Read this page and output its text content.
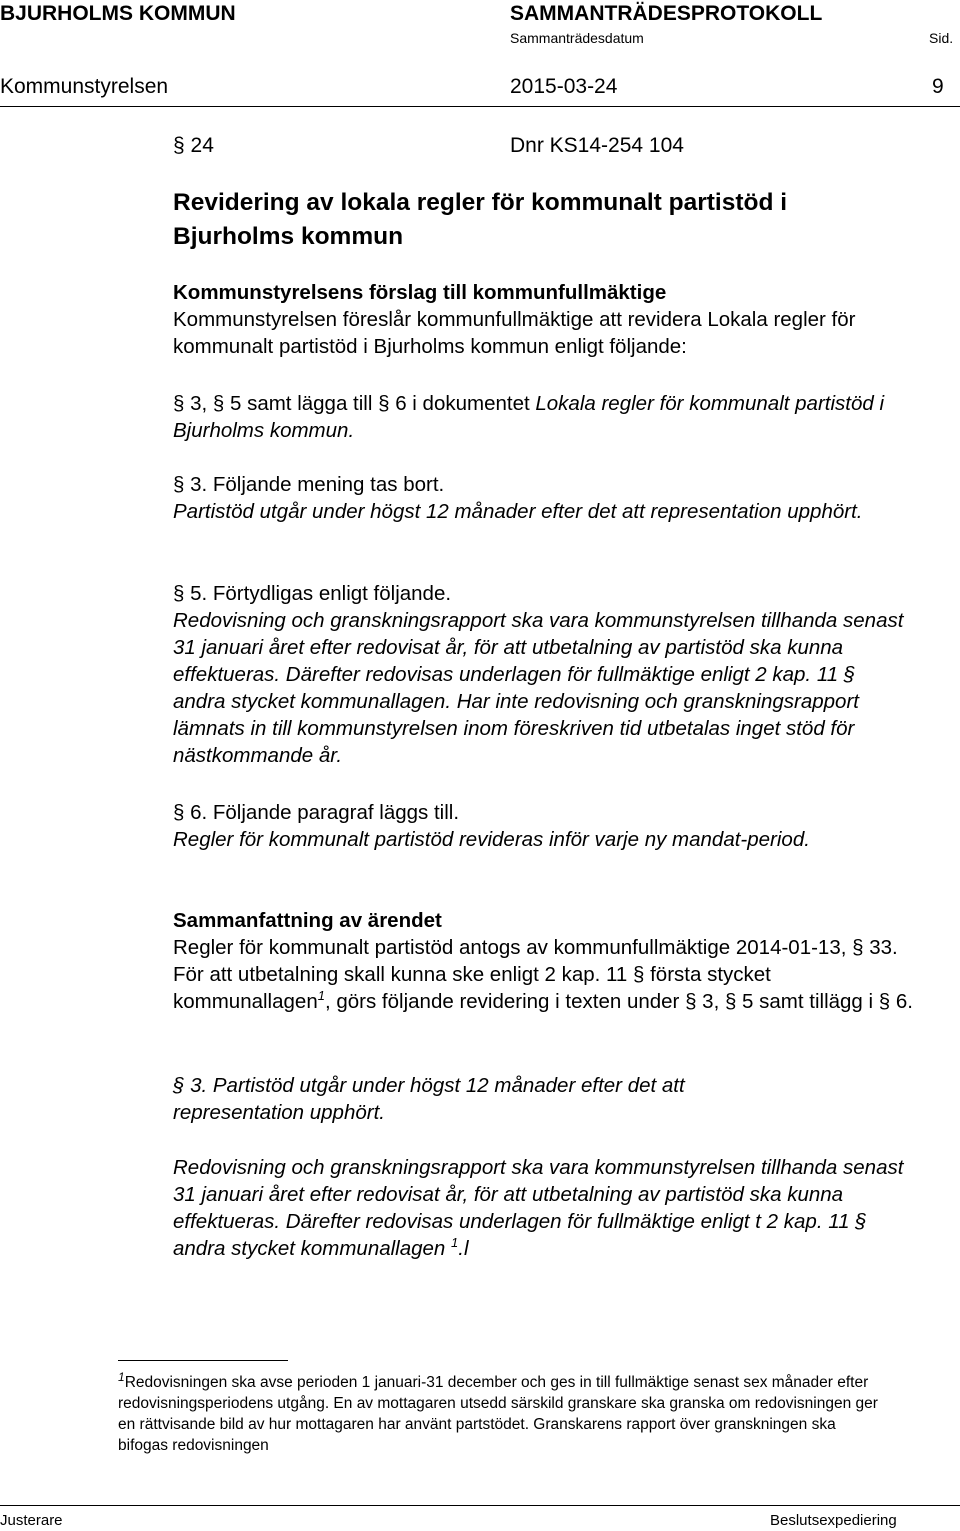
BJURHOLMS KOMMUN	SAMMANTRÄDESPROTOKOLL
Sammanträdesdatum	Sid.
Kommunstyrelsen	2015-03-24	9
§ 24	Dnr KS14-254 104
Revidering av lokala regler för kommunalt partistöd i Bjurholms kommun

Kommunstyrelsens förslag till kommunfullmäktige

Kommunstyrelsen föreslår kommunfullmäktige att revidera Lokala regler för kommunalt partistöd i Bjurholms kommun enligt följande:

§ 3, § 5 samt lägga till § 6 i dokumentet Lokala regler för kommunalt partistöd i Bjurholms kommun.

§ 3. Följande mening tas bort.

Partistöd utgår under högst 12 månader efter det att representation upphört.

§ 5. Förtydligas enligt följande.

Redovisning och granskningsrapport ska vara kommunstyrelsen tillhanda senast 31 januari året efter redovisat år, för att utbetalning av partistöd ska kunna effektueras. Därefter redovisas underlagen för fullmäktige enligt 2 kap. 11 § andra stycket kommunallagen. Har inte redovisning och granskningsrapport lämnats in till kommunstyrelsen inom föreskriven tid utbetalas inget stöd för nästkommande år.

§ 6. Följande paragraf läggs till.

Regler för kommunalt partistöd revideras inför varje ny mandat-period.

Sammanfattning av ärendet

Regler för kommunalt partistöd antogs av kommunfullmäktige 2014-01-13, § 33. För att utbetalning skall kunna ske enligt 2 kap. 11 § första stycket kommunallagen$^1$, görs följande revidering i texten under § 3, § 5 samt tillägg i § 6.

§ 3. Partistöd utgår under högst 12 månader efter det att representation upphört.

Redovisning och granskningsrapport ska vara kommunstyrelsen tillhanda senast 31 januari året efter redovisat år, för att utbetalning av partistöd ska kunna effektueras. Därefter redovisas underlagen för fullmäktige enligt t 2 kap. 11 § andra stycket kommunallagen $^1$.l

$^1$Redovisningen ska avse perioden 1 januari-31 december och ges in till fullmäktige senast sex månader efter redovisningsperiodens utgång. En av mottagaren utsedd särskild granskare ska granska om redovisningen ger en rättvisande bild av hur mottagaren har använt partstödet. Granskarens rapport över granskningen ska bifogas redovisningen
Justerare	Beslutsexpediering
